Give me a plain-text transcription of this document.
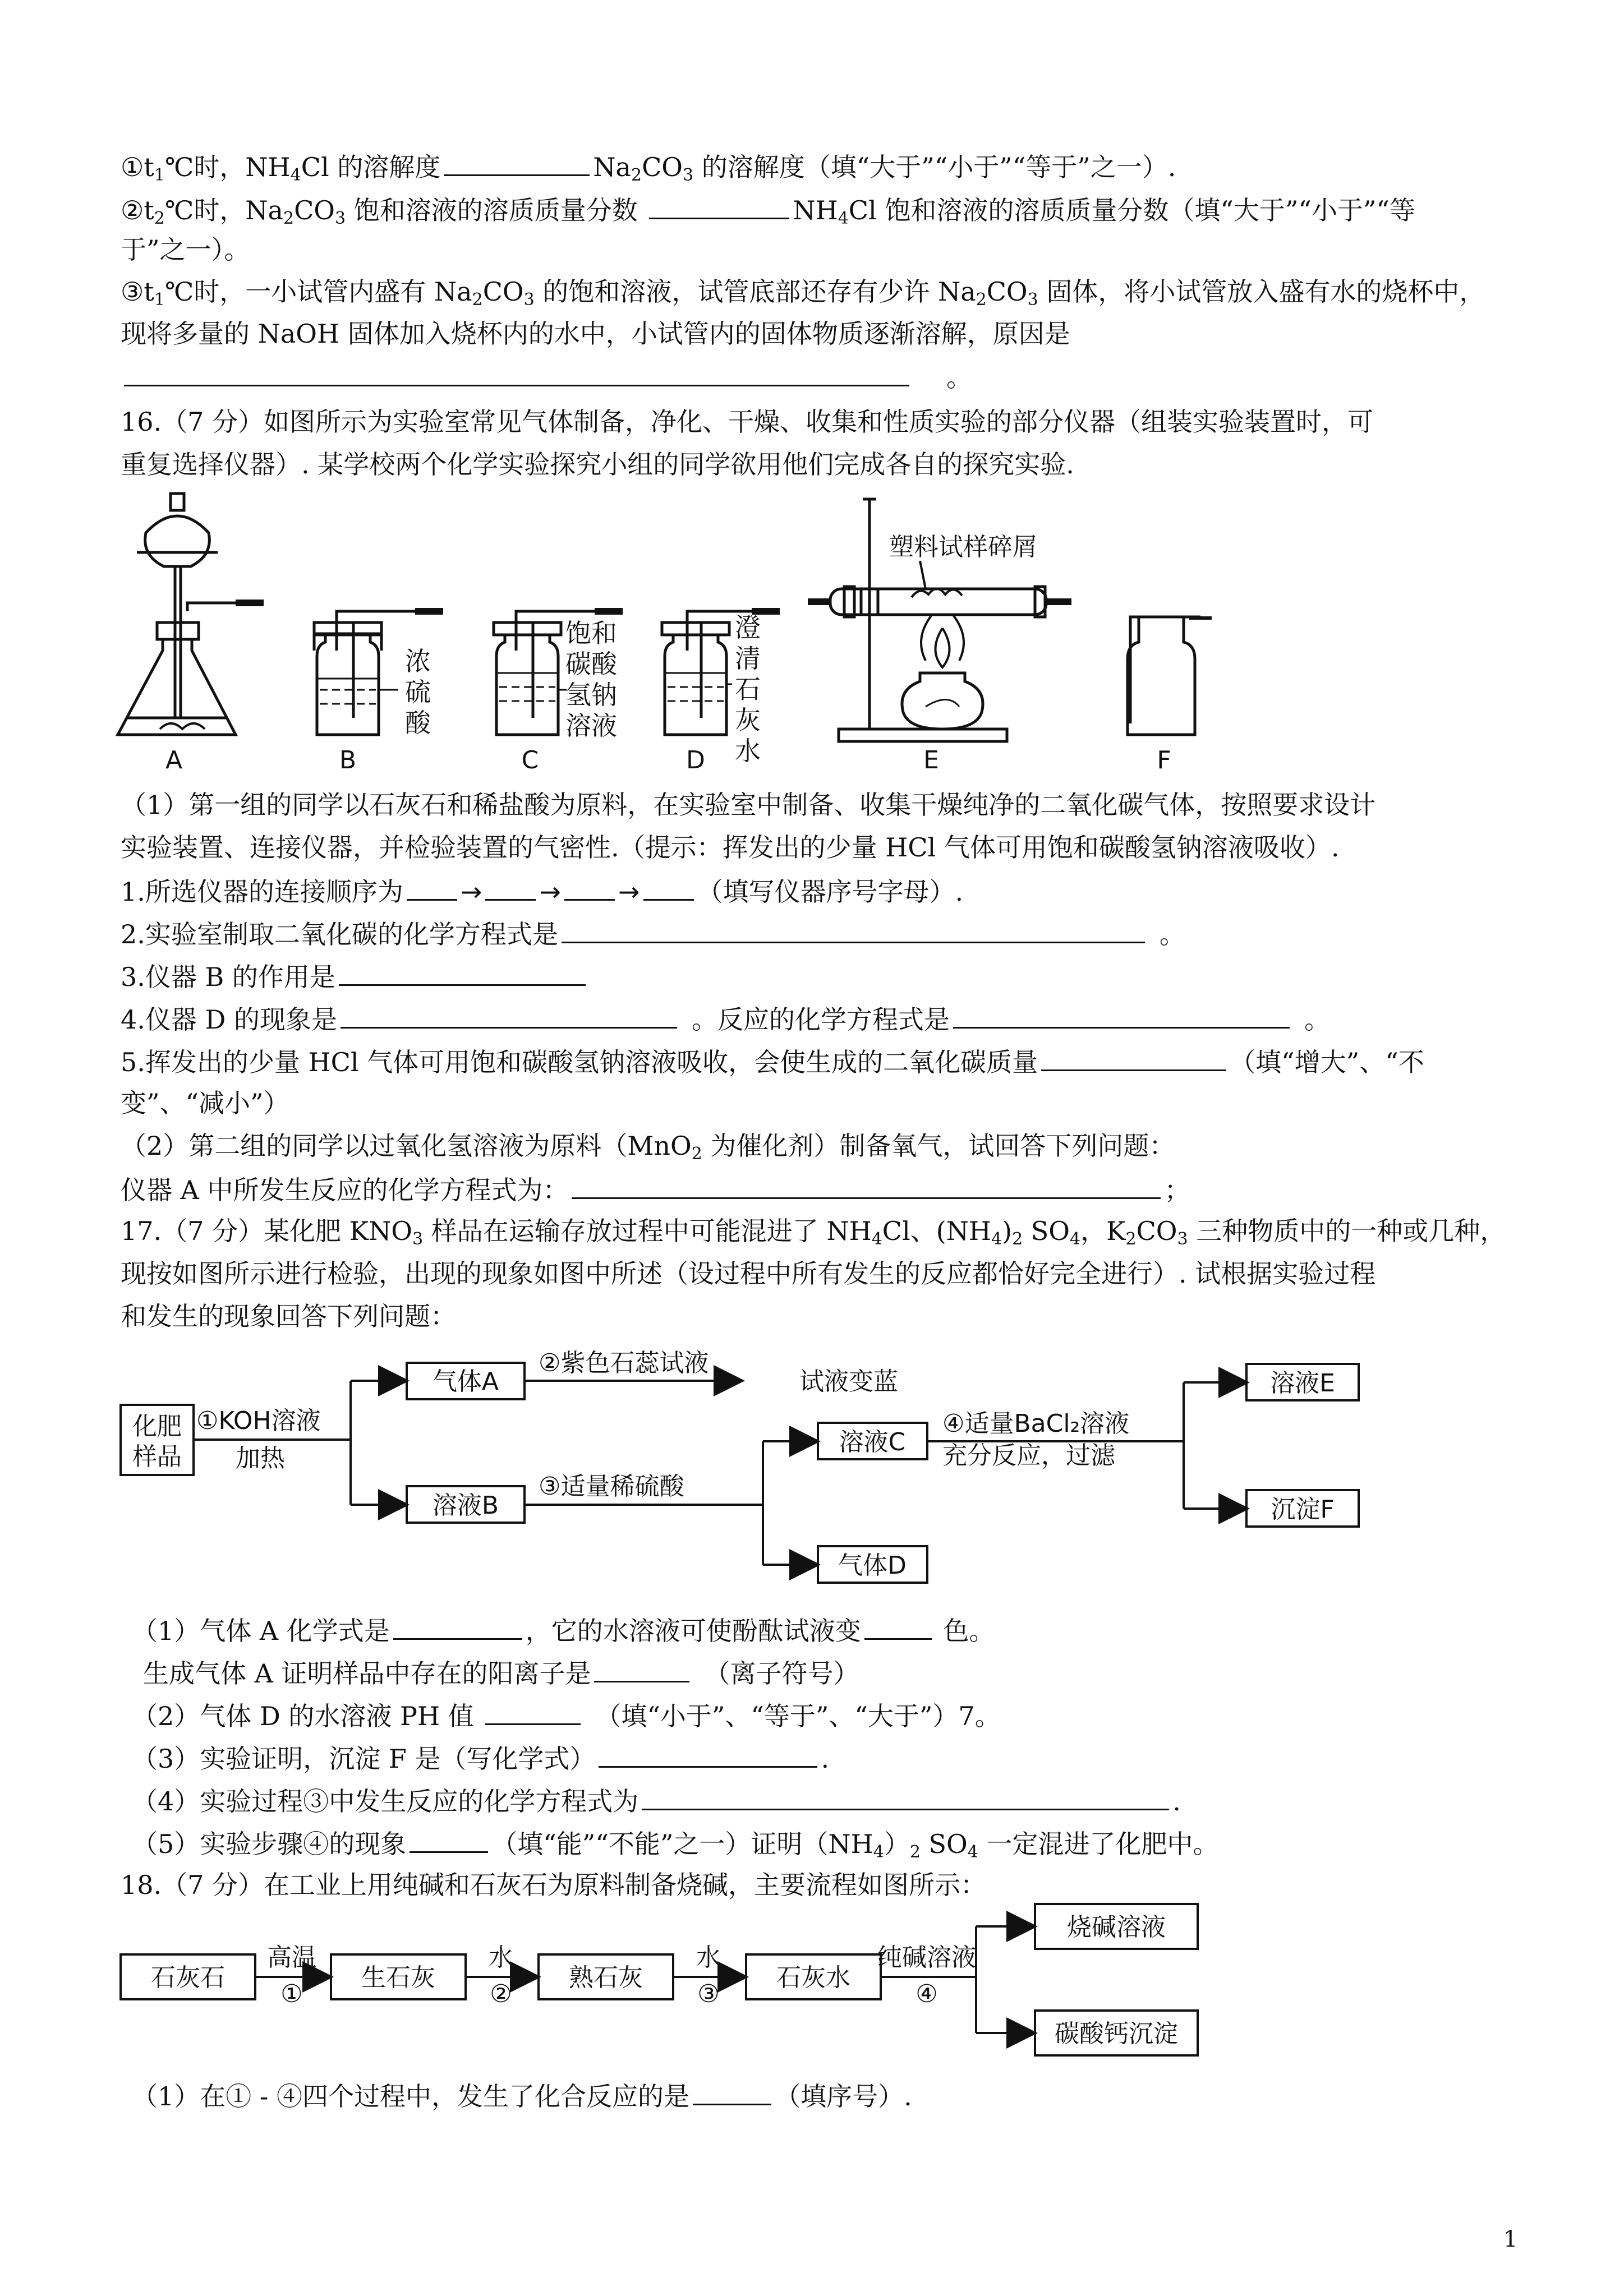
$①t_1℃$时，$NH_4Cl$ 的溶解度	$Na_2CO_3$ 的溶解度（填“大于”“小于”“等于”之一）.
$②t_2℃$时，$Na_2CO_3$ 饱和溶液的溶质质量分数	$NH_4Cl$ 饱和溶液的溶质质量分数（填“大于”“小于”“等
于”之一）。
$③t_1℃$时，一小试管内盛有 $Na_2CO_3$ 的饱和溶液，试管底部还存有少许 $Na_2CO_3$ 固体，将小试管放入盛有水的烧杯中，
现将多量的 NaOH 固体加入烧杯内的水中，小试管内的固体物质逐渐溶解，原因是
。
16.（7 分）如图所示为实验室常见气体制备，净化、干燥、收集和性质实验的部分仪器（组装实验装置时，可
重复选择仪器）. 某学校两个化学实验探究小组的同学欲用他们完成各自的探究实验.
A	B	C	D	E	F
浓
硫
酸
饱和
碳酸
氢钠
溶液
澄
清
石
灰
水
塑料试样碎屑
（1）第一组的同学以石灰石和稀盐酸为原料，在实验室中制备、收集干燥纯净的二氧化碳气体，按照要求设计
实验装置、连接仪器，并检验装置的气密性.（提示：挥发出的少量 HCl 气体可用饱和碳酸氢钠溶液吸收）.
1.所选仪器的连接顺序为 → → → （填写仪器序号字母）.
2.实验室制取二氧化碳的化学方程式是	。
3.仪器 B 的作用是
4.仪器 D 的现象是	。反应的化学方程式是	。
5.挥发出的少量 HCl 气体可用饱和碳酸氢钠溶液吸收，会使生成的二氧化碳质量	（填“增大”、“不
变”、“减小”）
（2）第二组的同学以过氧化氢溶液为原料（MnO$_2$ 为催化剂）制备氧气，试回答下列问题：
仪器 A 中所发生反应的化学方程式为：	；
17.（7 分）某化肥 $KNO_3$ 样品在运输存放过程中可能混进了 $NH_4Cl$、$(NH_4)_2$ $SO_4$，$K_2CO_3$ 三种物质中的一种或几种，
现按如图所示进行检验，出现的现象如图中所述（设过程中所有发生的反应都恰好完全进行）. 试根据实验过程
和发生的现象回答下列问题：
化肥
样品
①KOH溶液
加热
气体A
②紫色石蕊试液
试液变蓝
溶液B
③适量稀硫酸
溶液C
气体D
④适量BaCl₂溶液
充分反应，过滤
溶液E
沉淀F
（1）气体 A 化学式是	，它的水溶液可使酚酞试液变	色。
生成气体 A 证明样品中存在的阳离子是	（离子符号）
（2）气体 D 的水溶液 PH 值	（填“小于”、“等于”、“大于”）7。
（3）实验证明，沉淀 F 是（写化学式）	.
（4）实验过程③中发生反应的化学方程式为	.
（5）实验步骤④的现象	（填“能”“不能”之一）证明$(NH_4)_2$ $SO_4$ 一定混进了化肥中。
18.（7 分）在工业上用纯碱和石灰石为原料制备烧碱，主要流程如图所示：
石灰石	生石灰	熟石灰	石灰水
高温
①
水
②
水
③
纯碱溶液
④
烧碱溶液
碳酸钙沉淀
（1）在① - ④四个过程中，发生了化合反应的是	（填序号）.
1
